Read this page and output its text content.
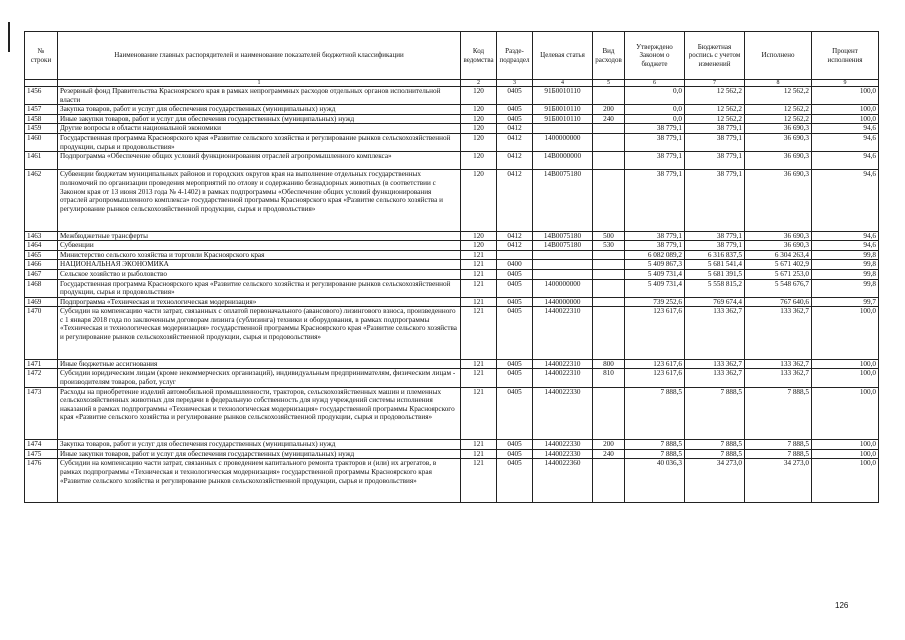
№ строки	Наименование главных распорядителей и наименование показателей бюджетной классификации	Код ведомства	Разде- подраздел	Целевая статья	Вид расходов	Утверждено Законом о бюджете	Бюджетная роспись с учетом изменений	Исполнено	Процент исполнения
	1	2	3	4	5	6	7	8	9
1456	Резервный фонд Правительства Красноярского края в рамках непрограммных расходов отдельных органов исполнительной власти	120	0405	91Б0010110		0,0	12 562,2	12 562,2	100,0
1457	Закупка товаров, работ и услуг для обеспечения государственных (муниципальных) нужд	120	0405	91Б0010110	200	0,0	12 562,2	12 562,2	100,0
1458	Иные закупки товаров, работ и услуг для обеспечения государственных (муниципальных) нужд	120	0405	91Б0010110	240	0,0	12 562,2	12 562,2	100,0
1459	Другие вопросы в области национальной экономики	120	0412			38 779,1	38 779,1	36 690,3	94,6
1460	Государственная программа Красноярского края «Развитие сельского хозяйства и регулирование рынков сельскохозяйственной продукции, сырья и продовольствия»	120	0412	1400000000		38 779,1	38 779,1	36 690,3	94,6
1461	Подпрограмма «Обеспечение общих условий функционирования отраслей агропромышленного комплекса»	120	0412	14В0000000		38 779,1	38 779,1	36 690,3	94,6
1462	Субвенции бюджетам муниципальных районов и городских округов края на выполнение отдельных государственных полномочий по организации проведения мероприятий по отлову и содержанию безнадзорных животных (в соответствии с Законом края от 13 июня 2013 года № 4-1402) в рамках подпрограммы «Обеспечение общих условий функционирования отраслей агропромышленного комплекса» государственной программы Красноярского края «Развитие сельского хозяйства и регулирование рынков сельскохозяйственной продукции, сырья и продовольствия»	120	0412	14В0075180		38 779,1	38 779,1	36 690,3	94,6
1463	Межбюджетные трансферты	120	0412	14В0075180	500	38 779,1	38 779,1	36 690,3	94,6
1464	Субвенции	120	0412	14В0075180	530	38 779,1	38 779,1	36 690,3	94,6
1465	Министерство сельского хозяйства и торговли Красноярского края	121				6 082 089,2	6 316 837,5	6 304 263,4	99,8
1466	НАЦИОНАЛЬНАЯ ЭКОНОМИКА	121	0400			5 409 867,3	5 681 541,4	5 671 402,9	99,8
1467	Сельское хозяйство и рыболовство	121	0405			5 409 731,4	5 681 391,5	5 671 253,0	99,8
1468	Государственная программа Красноярского края «Развитие сельского хозяйства и регулирование рынков сельскохозяйственной продукции, сырья и продовольствия»	121	0405	1400000000		5 409 731,4	5 558 815,2	5 548 676,7	99,8
1469	Подпрограмма «Техническая и технологическая модернизация»	121	0405	1440000000		739 252,6	769 674,4	767 640,6	99,7
1470	Субсидии на компенсацию части затрат, связанных с оплатой первоначального (авансового) лизингового взноса, произведенного с 1 января 2018 года по заключенным договорам лизинга (сублизинга) техники и оборудования, в рамках подпрограммы «Техническая и технологическая модернизация» государственной программы Красноярского края «Развитие сельского хозяйства и регулирование рынков сельскохозяйственной продукции, сырья и продовольствия»	121	0405	1440022310		123 617,6	133 362,7	133 362,7	100,0
1471	Иные бюджетные ассигнования	121	0405	1440022310	800	123 617,6	133 362,7	133 362,7	100,0
1472	Субсидии юридическим лицам (кроме некоммерческих организаций), индивидуальным предпринимателям, физическим лицам - производителям товаров, работ, услуг	121	0405	1440022310	810	123 617,6	133 362,7	133 362,7	100,0
1473	Расходы на приобретение изделий автомобильной промышленности, тракторов, сельскохозяйственных машин и племенных сельскохозяйственных животных для передачи в федеральную собственность для нужд учреждений системы исполнения наказаний в рамках подпрограммы «Техническая и технологическая модернизация» государственной программы Красноярского края «Развитие сельского хозяйства и регулирование рынков сельскохозяйственной продукции, сырья и продовольствия»	121	0405	1440022330		7 888,5	7 888,5	7 888,5	100,0
1474	Закупка товаров, работ и услуг для обеспечения государственных (муниципальных) нужд	121	0405	1440022330	200	7 888,5	7 888,5	7 888,5	100,0
1475	Иные закупки товаров, работ и услуг для обеспечения государственных (муниципальных) нужд	121	0405	1440022330	240	7 888,5	7 888,5	7 888,5	100,0
1476	Субсидии на компенсацию части затрат, связанных с проведением капитального ремонта тракторов и (или) их агрегатов, в рамках подпрограммы «Техническая и технологическая модернизация» государственной программы Красноярского края «Развитие сельского хозяйства и регулирование рынков сельскохозяйственной продукции, сырья и продовольствия»	121	0405	1440022360		40 036,3	34 273,0	34 273,0	100,0
126
